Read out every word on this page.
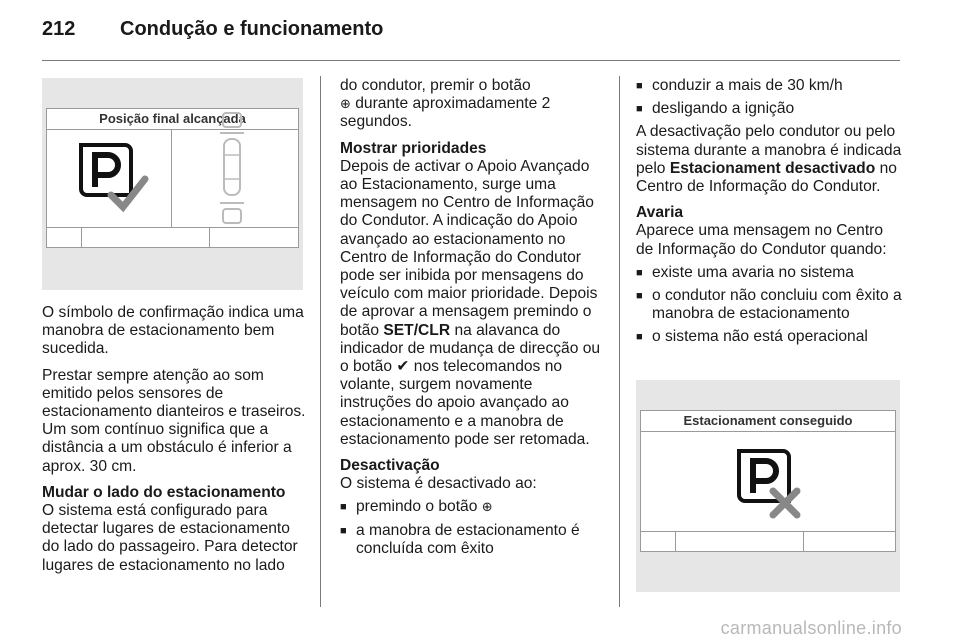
212 Condução e funcionamento
Posição final alcançada

O símbolo de confirmação indica uma manobra de estacionamento bem sucedida.

Prestar sempre atenção ao som emitido pelos sensores de estacionamento dianteiros e traseiros. Um som contínuo significa que a distância a um obstáculo é inferior a aprox. 30 cm.

Mudar o lado do estacionamento

O sistema está configurado para detectar lugares de estacionamento do lado do passageiro. Para detector lugares de estacionamento no lado

do condutor, premir o botão
⊕ durante aproximadamente 2 segundos.

Mostrar prioridades

Depois de activar o Apoio Avançado ao Estacionamento, surge uma mensagem no Centro de Informação do Condutor. A indicação do Apoio avançado ao estacionamento no Centro de Informação do Condutor pode ser inibida por mensagens do veículo com maior prioridade. Depois de aprovar a mensagem premindo o botão SET/CLR na alavanca do indicador de mudança de direcção ou o botão ✔ nos telecomandos no volante, surgem novamente instruções do apoio avançado ao estacionamento e a manobra de estacionamento pode ser retomada.

Desactivação

O sistema é desactivado ao:

■ premindo o botão ⊕
■ a manobra de estacionamento é concluída com êxito
■ conduzir a mais de 30 km/h
■ desligando a ignição

A desactivação pelo condutor ou pelo sistema durante a manobra é indicada pelo Estacionament desactivado no Centro de Informação do Condutor.

Avaria

Aparece uma mensagem no Centro de Informação do Condutor quando:

■ existe uma avaria no sistema
■ o condutor não concluiu com êxito a manobra de estacionamento
■ o sistema não está operacional
Estacionament conseguido
carmanualsonline.info
